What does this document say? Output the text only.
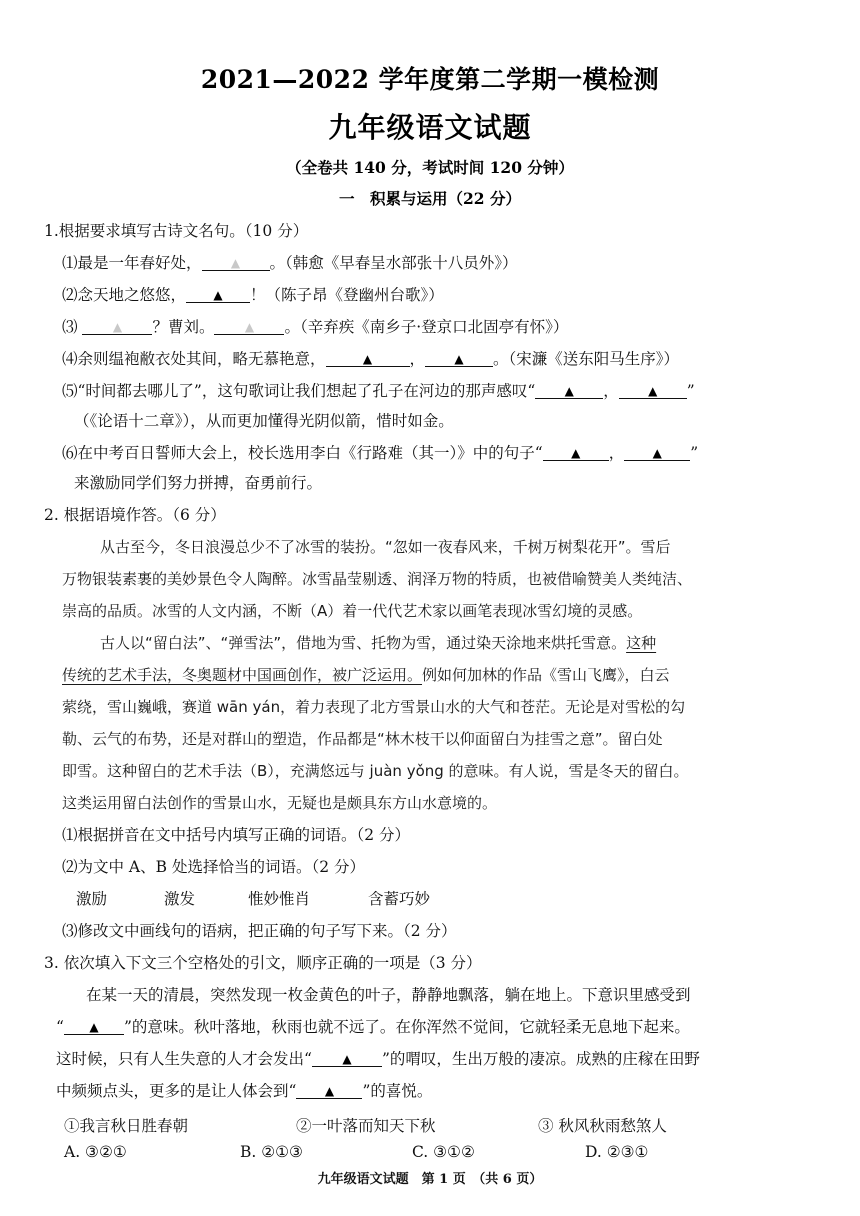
2021—2022 学年度第二学期一模检测
九年级语文试题
（全卷共 140 分，考试时间 120 分钟）
一　积累与运用（22 分）
1.根据要求填写古诗文名句。（10 分）
⑴最是一年春好处， ▲ 。（韩愈《早春呈水部张十八员外》）
⑵念天地之悠悠， ▲ ！（陈子昂《登幽州台歌》）
⑶	▲ ？曹刘。	▲ 。（辛弃疾《南乡子·登京口北固亭有怀》）
⑷余则缊袍敝衣处其间，略无慕艳意，	▲ ， ▲ 。（宋濂《送东阳马生序》）
⑸“时间都去哪儿了”，这句歌词让我们想起了孔子在河边的那声感叹“ ▲ ， ▲ ”
（《论语十二章》），从而更加懂得光阴似箭，惜时如金。
⑹在中考百日誓师大会上，校长选用李白《行路难（其一）》中的句子“ ▲ ， ▲ ”
来激励同学们努力拼搏，奋勇前行。
2. 根据语境作答。（6 分）
从古至今，冬日浪漫总少不了冰雪的装扮。“忽如一夜春风来，千树万树梨花开”。雪后
万物银装素裹的美妙景色令人陶醉。冰雪晶莹剔透、润泽万物的特质，也被借喻赞美人类纯洁、
崇高的品质。冰雪的人文内涵，不断（A）着一代代艺术家以画笔表现冰雪幻境的灵感。
古人以“留白法”、“弹雪法”，借地为雪、托物为雪，通过染天涂地来烘托雪意。这种
传统的艺术手法，冬奥题材中国画创作，被广泛运用。例如何加林的作品《雪山飞鹰》，白云
萦绕，雪山巍峨，赛道 wān yán，着力表现了北方雪景山水的大气和苍茫。无论是对雪松的勾
勒、云气的布势，还是对群山的塑造，作品都是“林木枝干以仰面留白为挂雪之意”。留白处
即雪。这种留白的艺术手法（B），充满悠远与 juàn yǒng 的意味。有人说，雪是冬天的留白。
这类运用留白法创作的雪景山水，无疑也是颇具东方山水意境的。
⑴根据拼音在文中括号内填写正确的词语。（2 分）
⑵为文中 A、B 处选择恰当的词语。（2 分）
激励	激发	惟妙惟肖	含蓄巧妙
⑶修改文中画线句的语病，把正确的句子写下来。（2 分）
3. 依次填入下文三个空格处的引文，顺序正确的一项是（3 分）
在某一天的清晨，突然发现一枚金黄色的叶子，静静地飘落，躺在地上。下意识里感受到
“ ▲ ”的意味。秋叶落地，秋雨也就不远了。在你浑然不觉间，它就轻柔无息地下起来。
这时候，只有人生失意的人才会发出“	▲ ”的喟叹，生出万般的凄凉。成熟的庄稼在田野
中频频点头，更多的是让人体会到“ ▲ ”的喜悦。
①我言秋日胜春朝	②一叶落而知天下秋	③ 秋风秋雨愁煞人
A. ③②①	B. ②①③	C. ③①②	D. ②③①
九年级语文试题　第 1 页　（共 6 页）
